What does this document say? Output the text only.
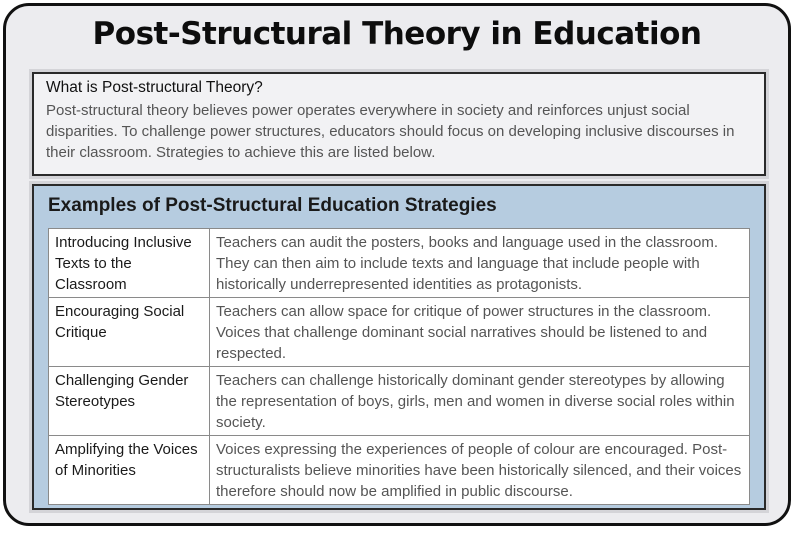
Post-Structural Theory in Education
What is Post-structural Theory?
Post-structural theory believes power operates everywhere in society and reinforces unjust social disparities. To challenge power structures, educators should focus on developing inclusive discourses in their classroom. Strategies to achieve this are listed below.
Examples of Post-Structural Education Strategies
Introducing Inclusive Texts to the Classroom	Teachers can audit the posters, books and language used in the classroom. They can then aim to include texts and language that include people with historically underrepresented identities as protagonists.
Encouraging Social Critique	Teachers can allow space for critique of power structures in the classroom. Voices that challenge dominant social narratives should be listened to and respected.
Challenging Gender Stereotypes	Teachers can challenge historically dominant gender stereotypes by allowing the representation of boys, girls, men and women in diverse social roles within society.
Amplifying the Voices of Minorities	Voices expressing the experiences of people of colour are encouraged. Post-structuralists believe minorities have been historically silenced, and their voices therefore should now be amplified in public discourse.
